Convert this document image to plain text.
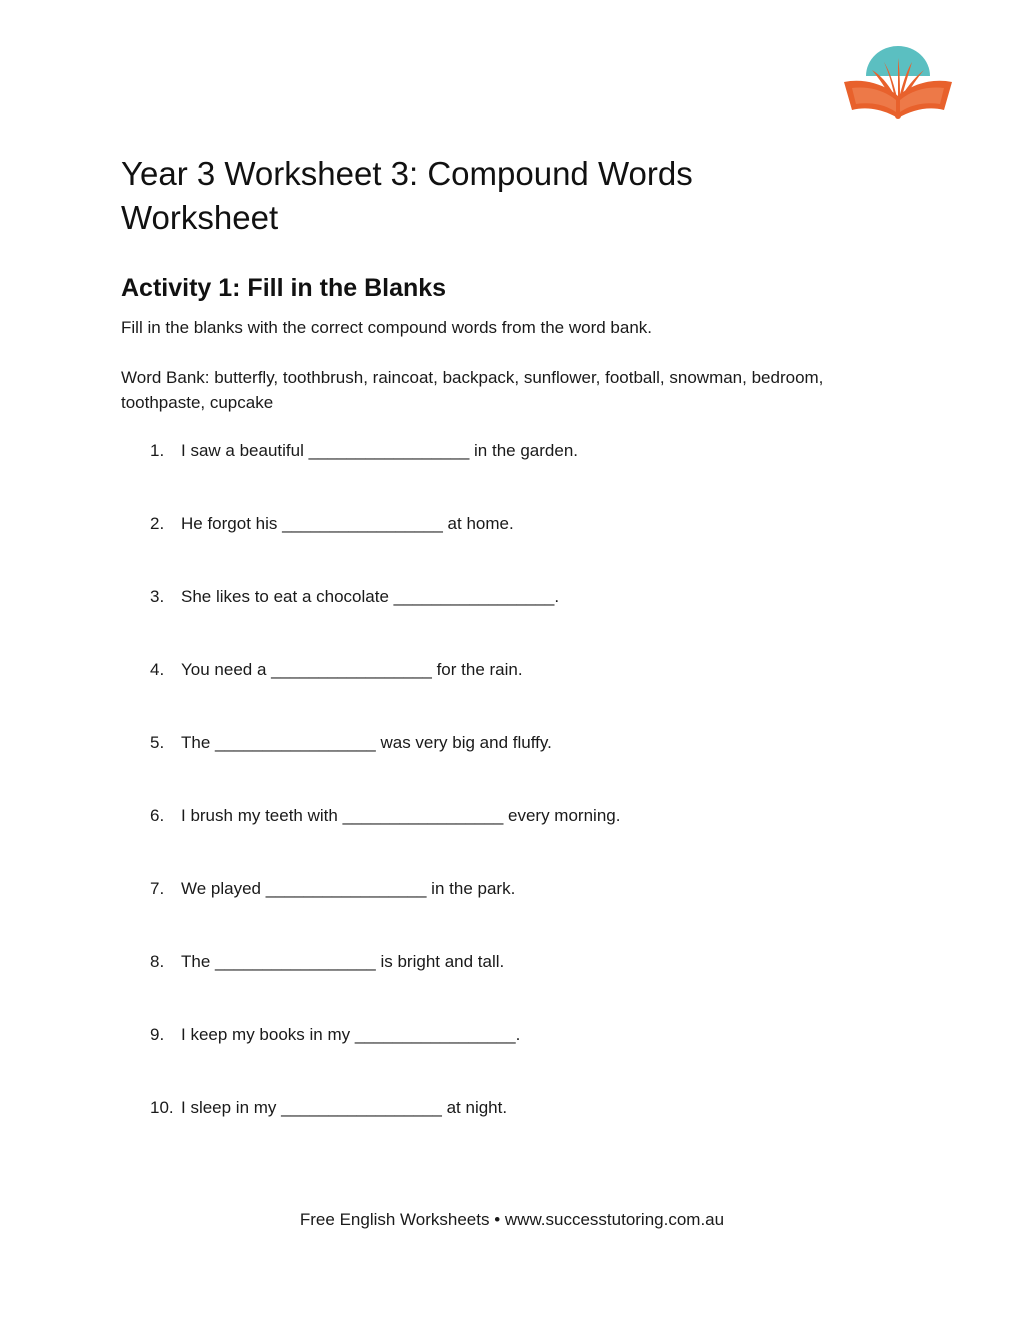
Year 3 Worksheet 3: Compound Words Worksheet
Activity 1: Fill in the Blanks

Fill in the blanks with the correct compound words from the word bank.

Word Bank: butterfly, toothbrush, raincoat, backpack, sunflower, football, snowman, bedroom, toothpaste, cupcake

1. I saw a beautiful _________________ in the garden.
2. He forgot his _________________ at home.
3. She likes to eat a chocolate _________________.
4. You need a _________________ for the rain.
5. The _________________ was very big and fluffy.
6. I brush my teeth with _________________ every morning.
7. We played _________________ in the park.
8. The _________________ is bright and tall.
9. I keep my books in my _________________.
10. I sleep in my _________________ at night.

Free English Worksheets • www.successtutoring.com.au
